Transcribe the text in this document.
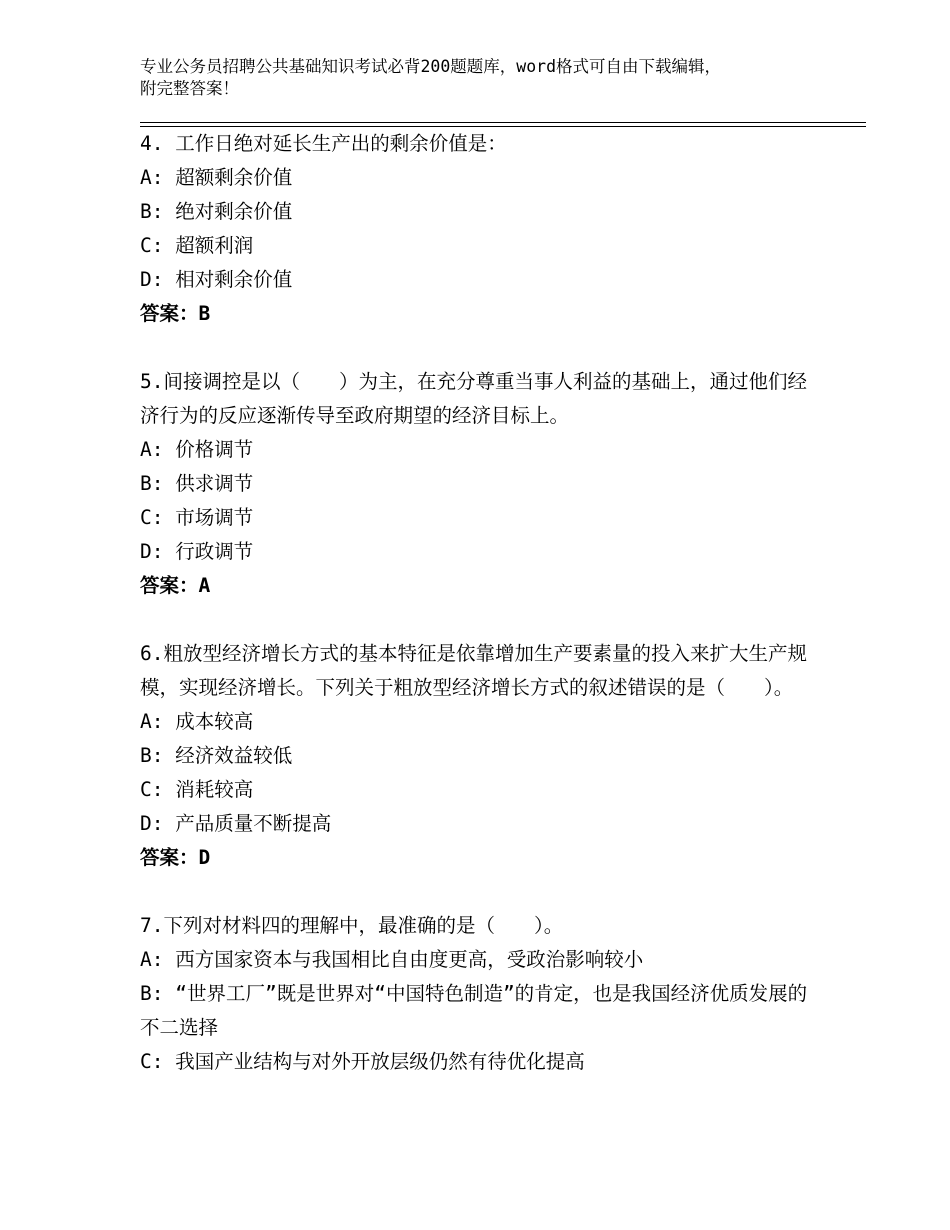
专业公务员招聘公共基础知识考试必背200题题库，word格式可自由下载编辑，
附完整答案！

4. 工作日绝对延长生产出的剩余价值是：

A: 超额剩余价值

B: 绝对剩余价值

C: 超额利润

D: 相对剩余价值

答案：B

5.间接调控是以（　　）为主，在充分尊重当事人利益的基础上，通过他们经济行为的反应逐渐传导至政府期望的经济目标上。

A: 价格调节

B: 供求调节

C: 市场调节

D: 行政调节

答案：A

6.粗放型经济增长方式的基本特征是依靠增加生产要素量的投入来扩大生产规模，实现经济增长。下列关于粗放型经济增长方式的叙述错误的是（　　）。

A: 成本较高

B: 经济效益较低

C: 消耗较高

D: 产品质量不断提高

答案：D

7.下列对材料四的理解中，最准确的是（　　）。

A: 西方国家资本与我国相比自由度更高，受政治影响较小

B: “世界工厂”既是世界对“中国特色制造”的肯定，也是我国经济优质发展的不二选择

C: 我国产业结构与对外开放层级仍然有待优化提高
